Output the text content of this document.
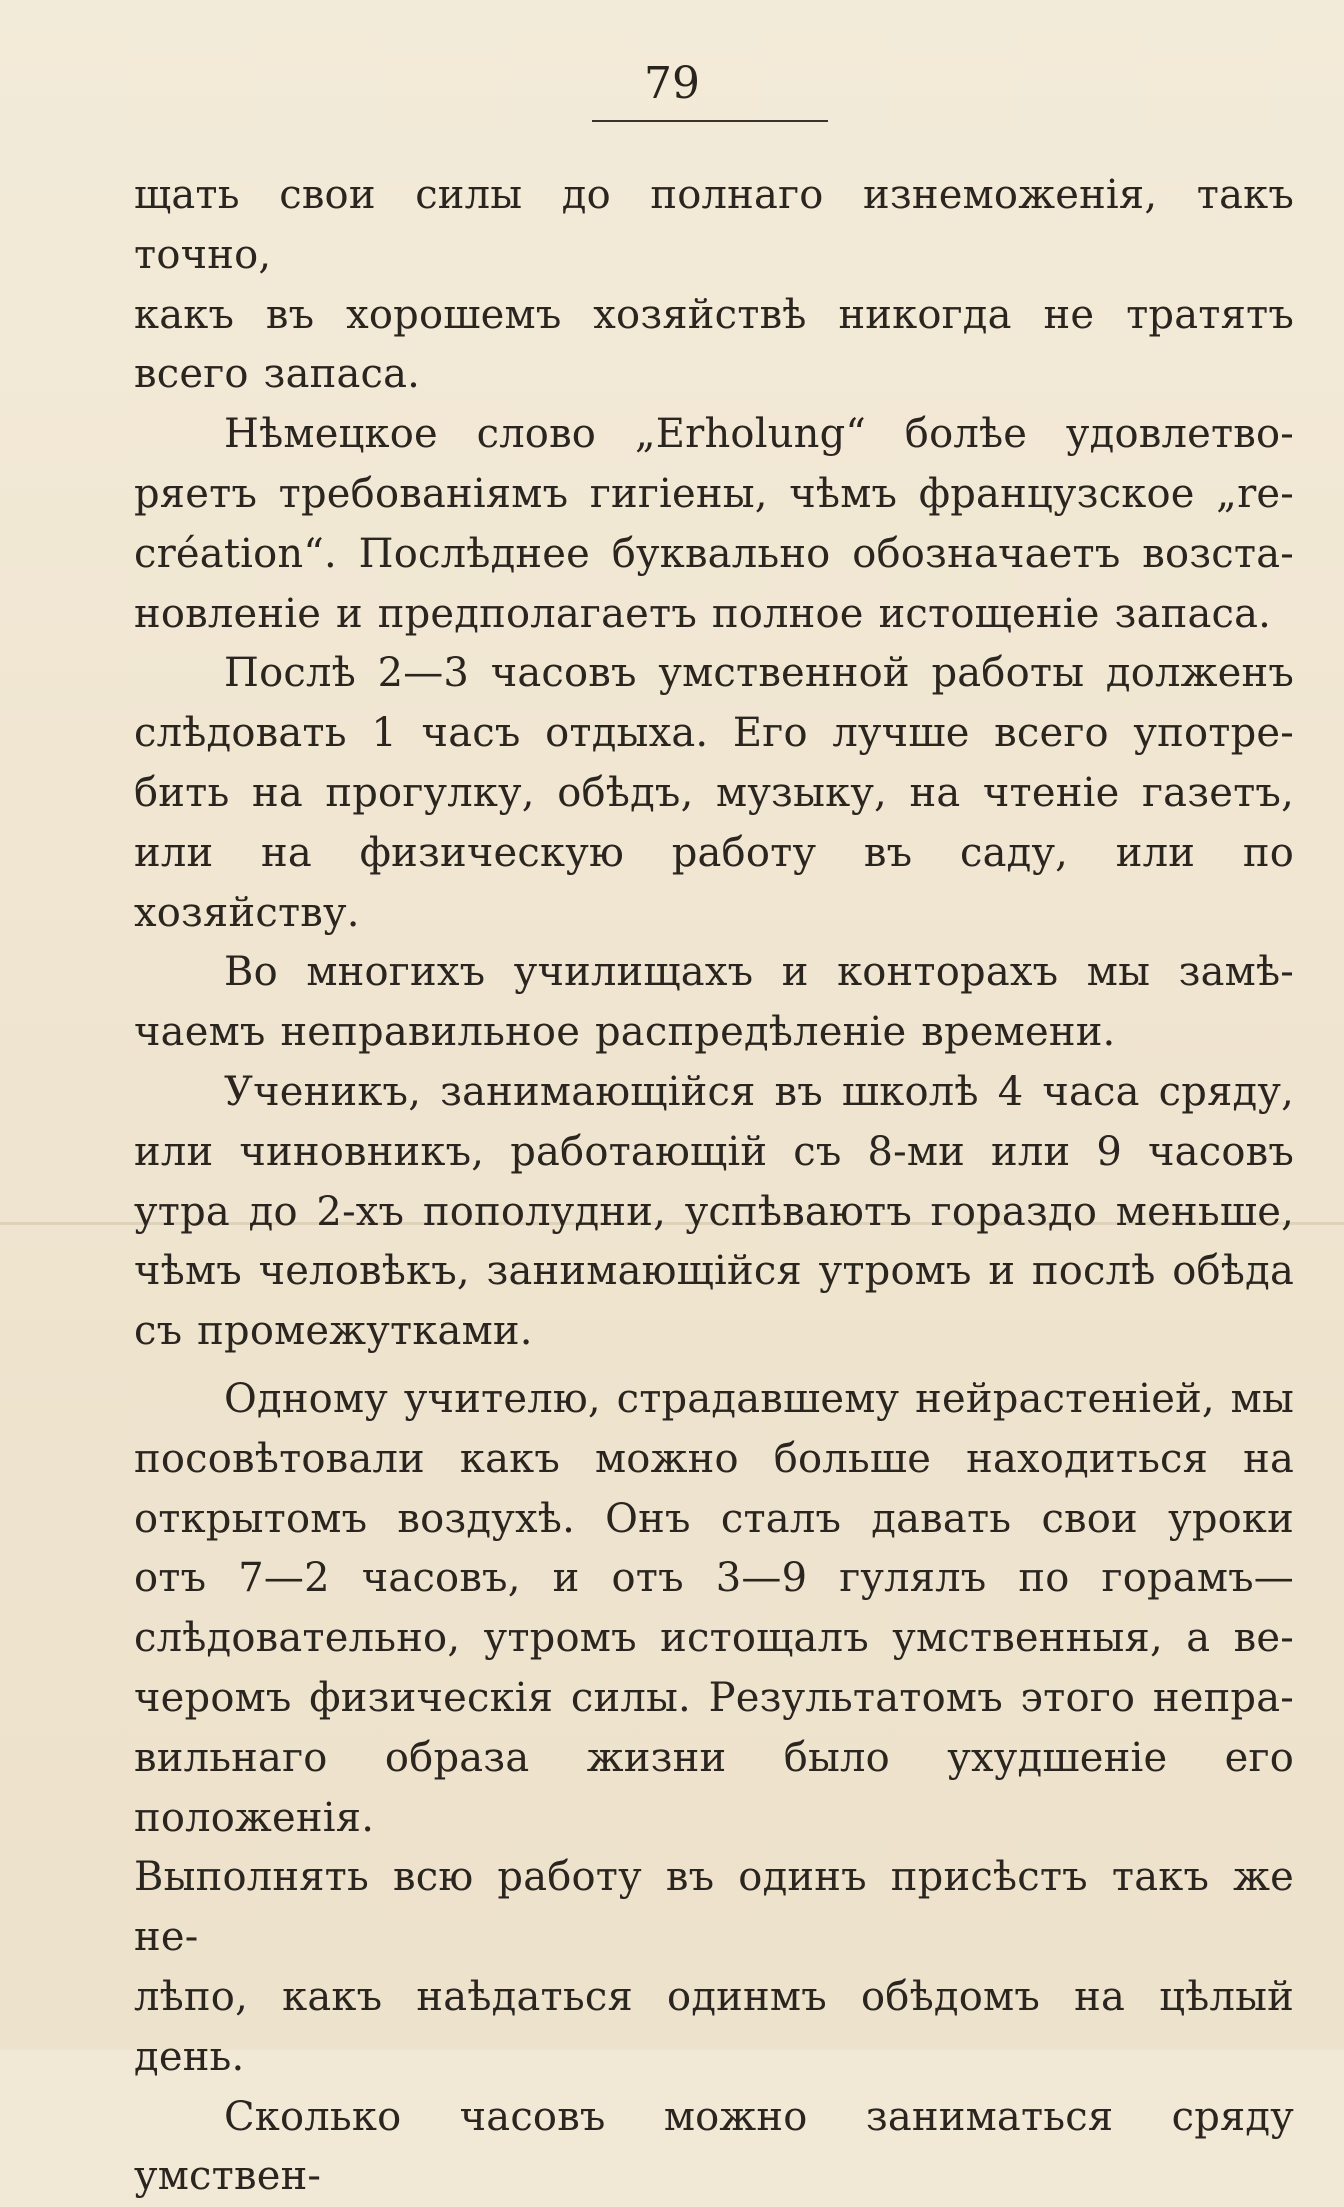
79

щать свои силы до полнаго изнеможенія, такъ точно,

какъ въ хорошемъ хозяйствѣ никогда не тратятъ

всего запаса.

Нѣмецкое слово „Erholung“ болѣе удовлетво-

ряетъ требованіямъ гигіены, чѣмъ французское „re-

création“. Послѣднее буквально обозначаетъ возста-

новленіе и предполагаетъ полное истощеніе запаса.

Послѣ 2—3 часовъ умственной работы долженъ

слѣдовать 1 часъ отдыха. Его лучше всего употре-

бить на прогулку, обѣдъ, музыку, на чтеніе газетъ,

или на физическую работу въ саду, или по хозяйству.

Во многихъ училищахъ и конторахъ мы замѣ-

чаемъ неправильное распредѣленіе времени.

Ученикъ, занимающійся въ школѣ 4 часа сряду,

или чиновникъ, работающій съ 8-ми или 9 часовъ

утра до 2-хъ пополудни, успѣваютъ гораздо меньше,

чѣмъ человѣкъ, занимающійся утромъ и послѣ обѣда

съ промежутками.

Одному учителю, страдавшему нейрастеніей, мы

посовѣтовали какъ можно больше находиться на

открытомъ воздухѣ. Онъ сталъ давать свои уроки

отъ 7—2 часовъ, и отъ 3—9 гулялъ по горамъ—

слѣдовательно, утромъ истощалъ умственныя, а ве-

черомъ физическія силы. Результатомъ этого непра-

вильнаго образа жизни было ухудшеніе его положенія.

Выполнять всю работу въ одинъ присѣстъ такъ же не-

лѣпо, какъ наѣдаться одинмъ обѣдомъ на цѣлый день.

Сколько часовъ можно заниматься сряду умствен-
